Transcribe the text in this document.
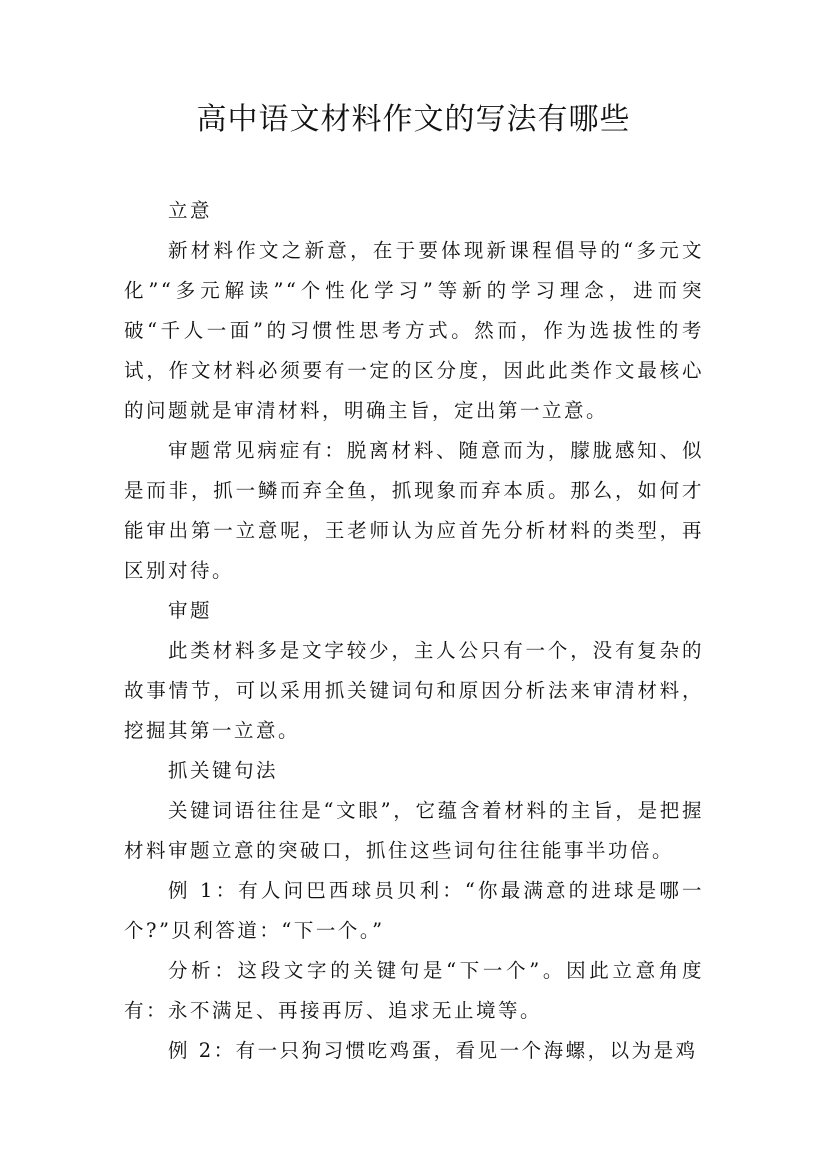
高中语文材料作文的写法有哪些

立意

新材料作文之新意，在于要体现新课程倡导的“多元文化”“多元解读”“个性化学习”等新的学习理念，进而突破“千人一面”的习惯性思考方式。然而，作为选拔性的考试，作文材料必须要有一定的区分度，因此此类作文最核心的问题就是审清材料，明确主旨，定出第一立意。

审题常见病症有：脱离材料、随意而为，朦胧感知、似是而非，抓一鳞而弃全鱼，抓现象而弃本质。那么，如何才能审出第一立意呢，王老师认为应首先分析材料的类型，再区别对待。

审题

此类材料多是文字较少，主人公只有一个，没有复杂的故事情节，可以采用抓关键词句和原因分析法来审清材料，挖掘其第一立意。

抓关键句法

关键词语往往是“文眼”，它蕴含着材料的主旨，是把握材料审题立意的突破口，抓住这些词句往往能事半功倍。

例 1：有人问巴西球员贝利：“你最满意的进球是哪一个?”贝利答道：“下一个。”

分析：这段文字的关键句是“下一个”。因此立意角度有：永不满足、再接再厉、追求无止境等。

例 2：有一只狗习惯吃鸡蛋，看见一个海螺，以为是鸡
